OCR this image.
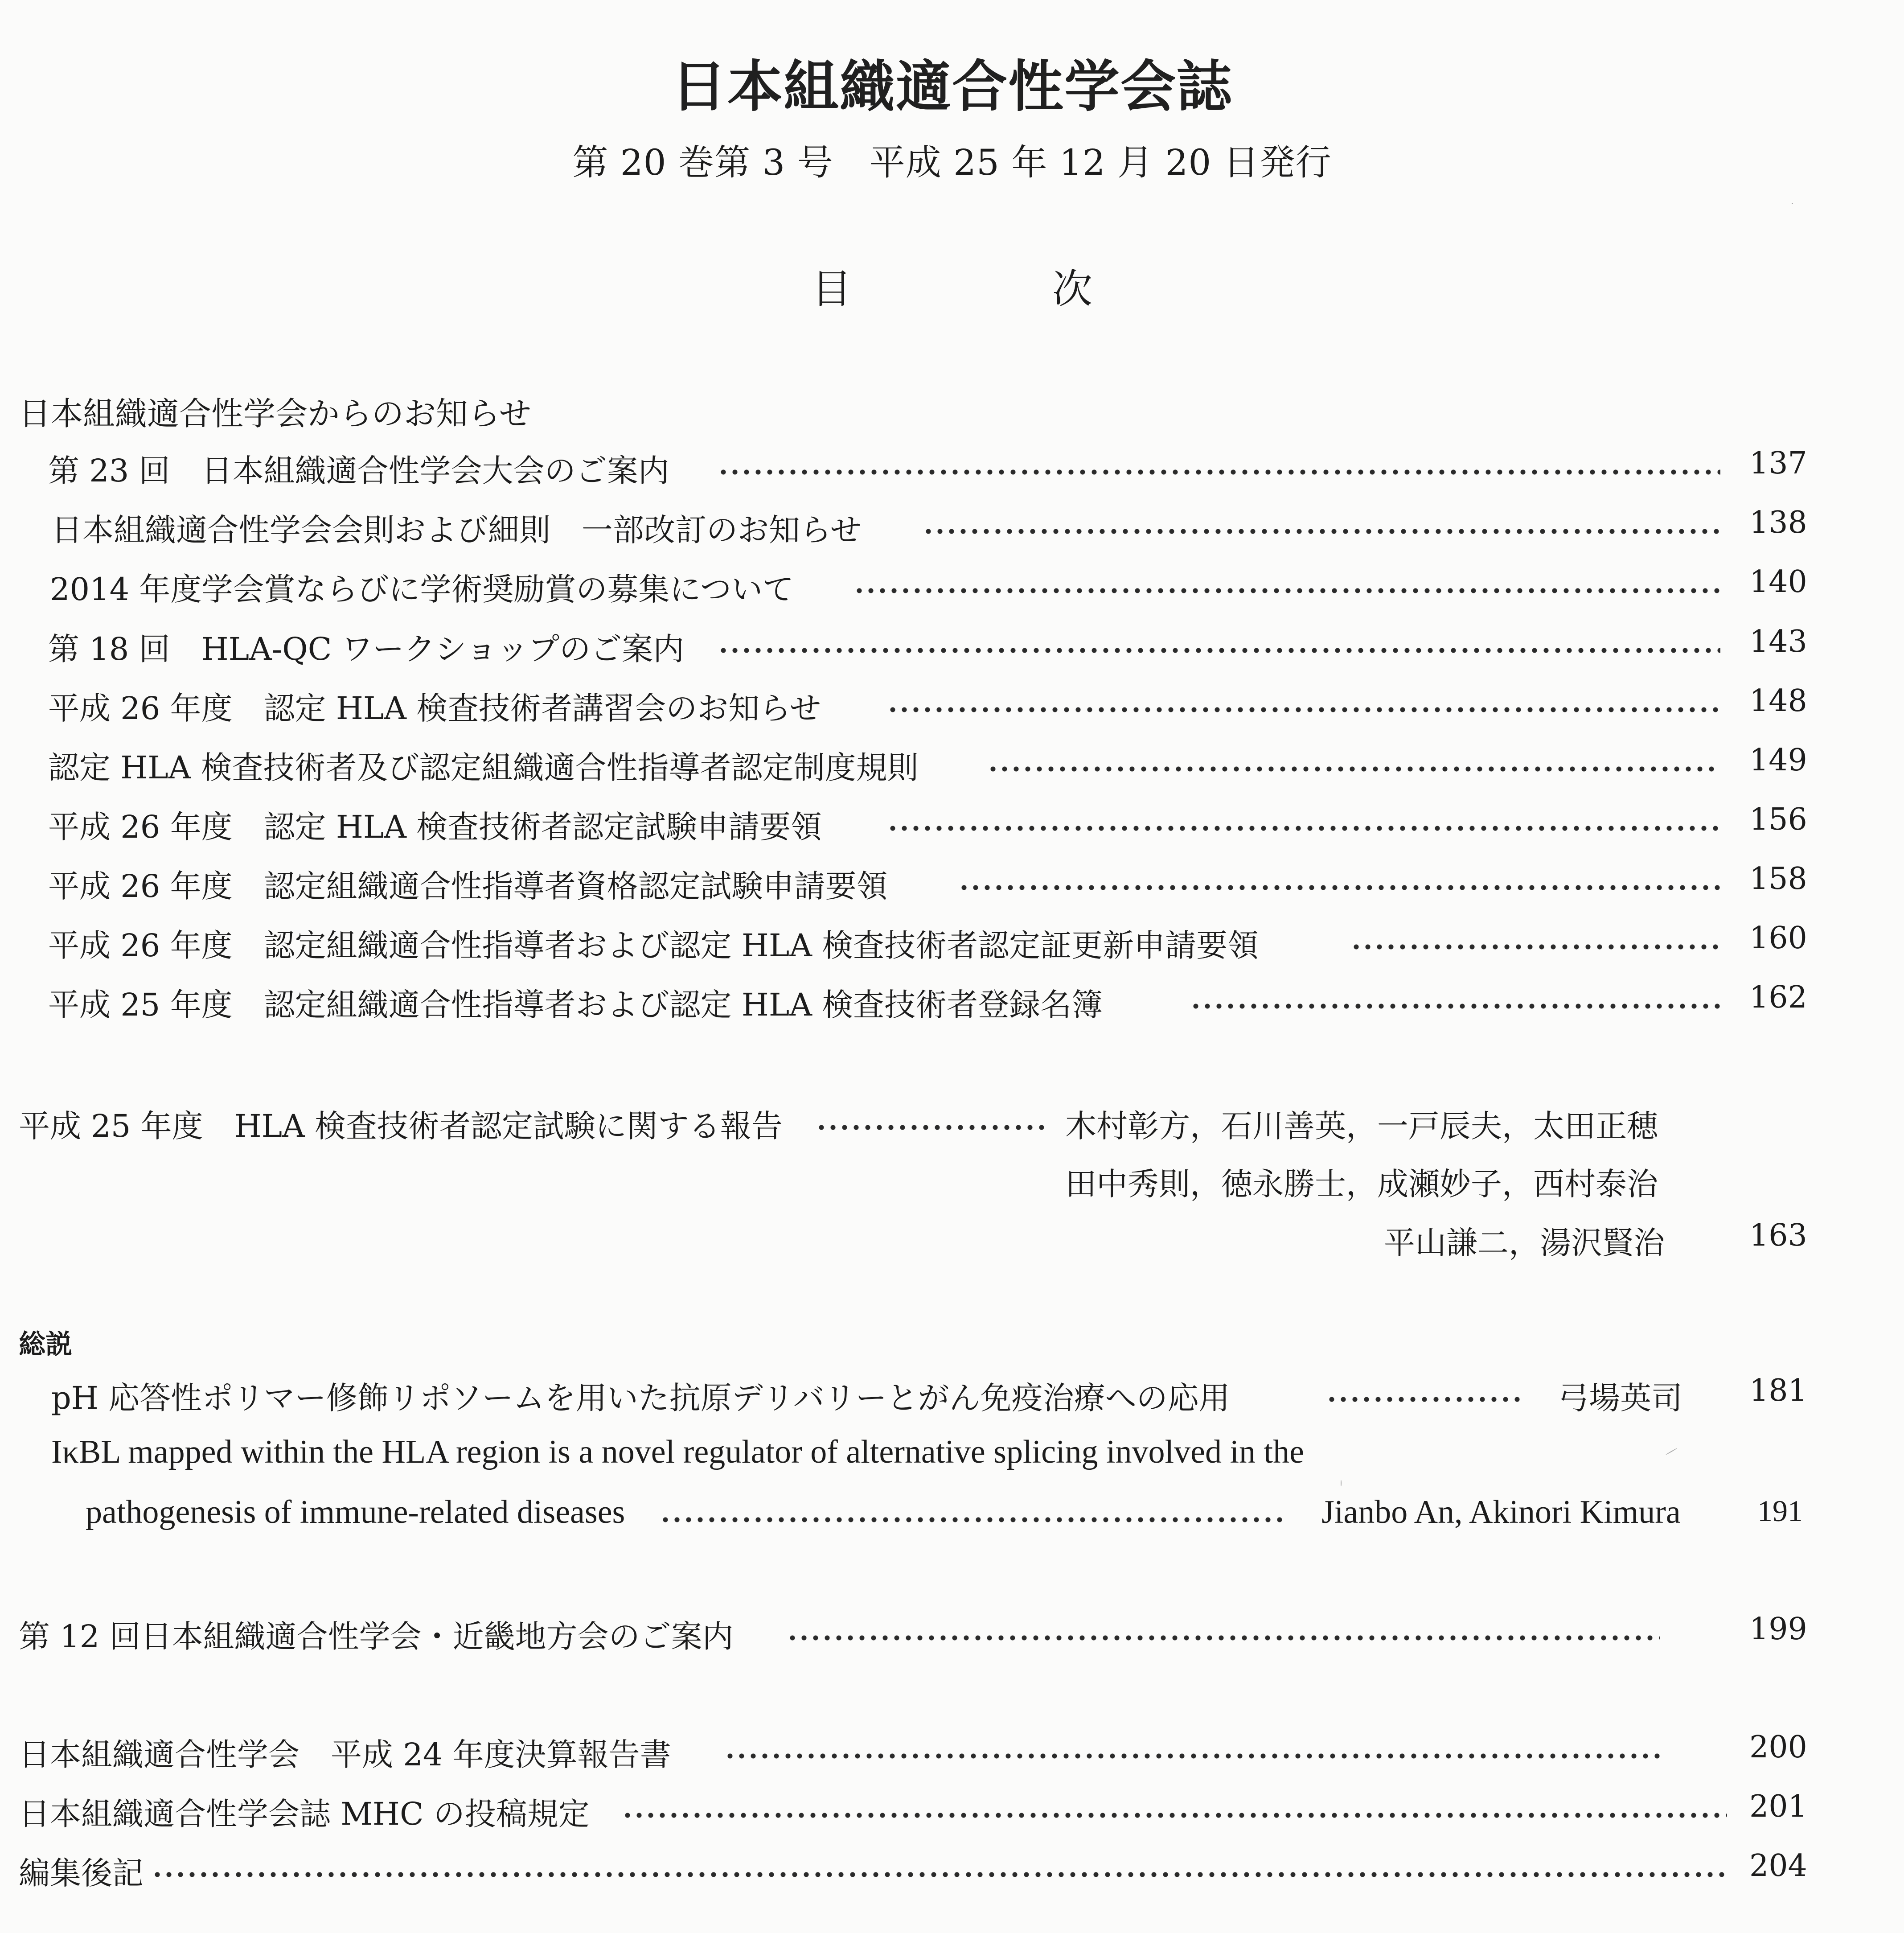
日本組織適合性学会誌
第 20 巻第 3 号　平成 25 年 12 月 20 日発行
目　次
日本組織適合性学会からのお知らせ
第 23 回　日本組織適合性学会大会のご案内	137
日本組織適合性学会会則および細則　一部改訂のお知らせ	138
2014 年度学会賞ならびに学術奨励賞の募集について	140
第 18 回　HLA-QC ワークショップのご案内	143
平成 26 年度　認定 HLA 検査技術者講習会のお知らせ	148
認定 HLA 検査技術者及び認定組織適合性指導者認定制度規則	149
平成 26 年度　認定 HLA 検査技術者認定試験申請要領	156
平成 26 年度　認定組織適合性指導者資格認定試験申請要領	158
平成 26 年度　認定組織適合性指導者および認定 HLA 検査技術者認定証更新申請要領	160
平成 25 年度　認定組織適合性指導者および認定 HLA 検査技術者登録名簿	162
平成 25 年度　HLA 検査技術者認定試験に関する報告	木村彰方，石川善英，一戸辰夫，太田正穂
田中秀則，徳永勝士，成瀬妙子，西村泰治
平山謙二，湯沢賢治	163
総説
pH 応答性ポリマー修飾リポソームを用いた抗原デリバリーとがん免疫治療への応用	弓場英司 181
IκBL mapped within the HLA region is a novel regulator of alternative splicing involved in the
pathogenesis of immune-related diseases	Jianbo An, Akinori Kimura	191
第 12 回日本組織適合性学会・近畿地方会のご案内	199
日本組織適合性学会　平成 24 年度決算報告書	200
日本組織適合性学会誌 MHC の投稿規定	201
編集後記	204
